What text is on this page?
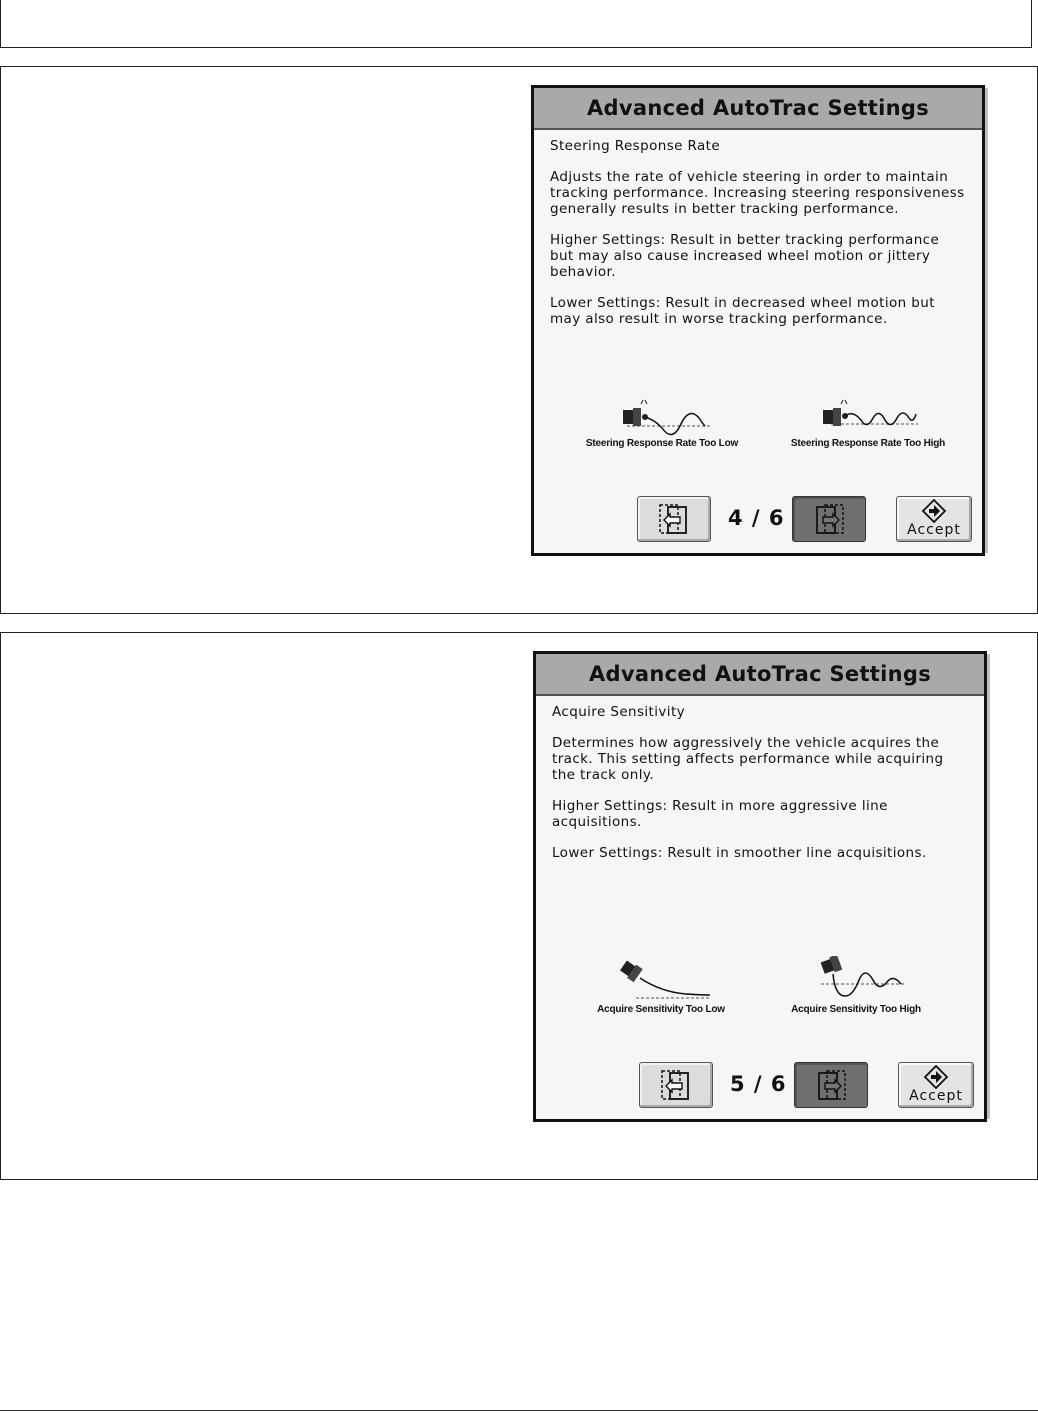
Advanced AutoTrac Settings

Steering Response Rate

Adjusts the rate of vehicle steering in order to maintain tracking performance. Increasing steering responsiveness generally results in better tracking performance.

Higher Settings: Result in better tracking performance but may also cause increased wheel motion or jittery behavior.

Lower Settings: Result in decreased wheel motion but may also result in worse tracking performance.

Steering Response Rate Too Low	Steering Response Rate Too High
4 / 6	Accept
Advanced AutoTrac Settings

Acquire Sensitivity

Determines how aggressively the vehicle acquires the track. This setting affects performance while acquiring the track only.

Higher Settings: Result in more aggressive line acquisitions.

Lower Settings: Result in smoother line acquisitions.

Acquire Sensitivity Too Low	Acquire Sensitivity Too High
5 / 6	Accept
